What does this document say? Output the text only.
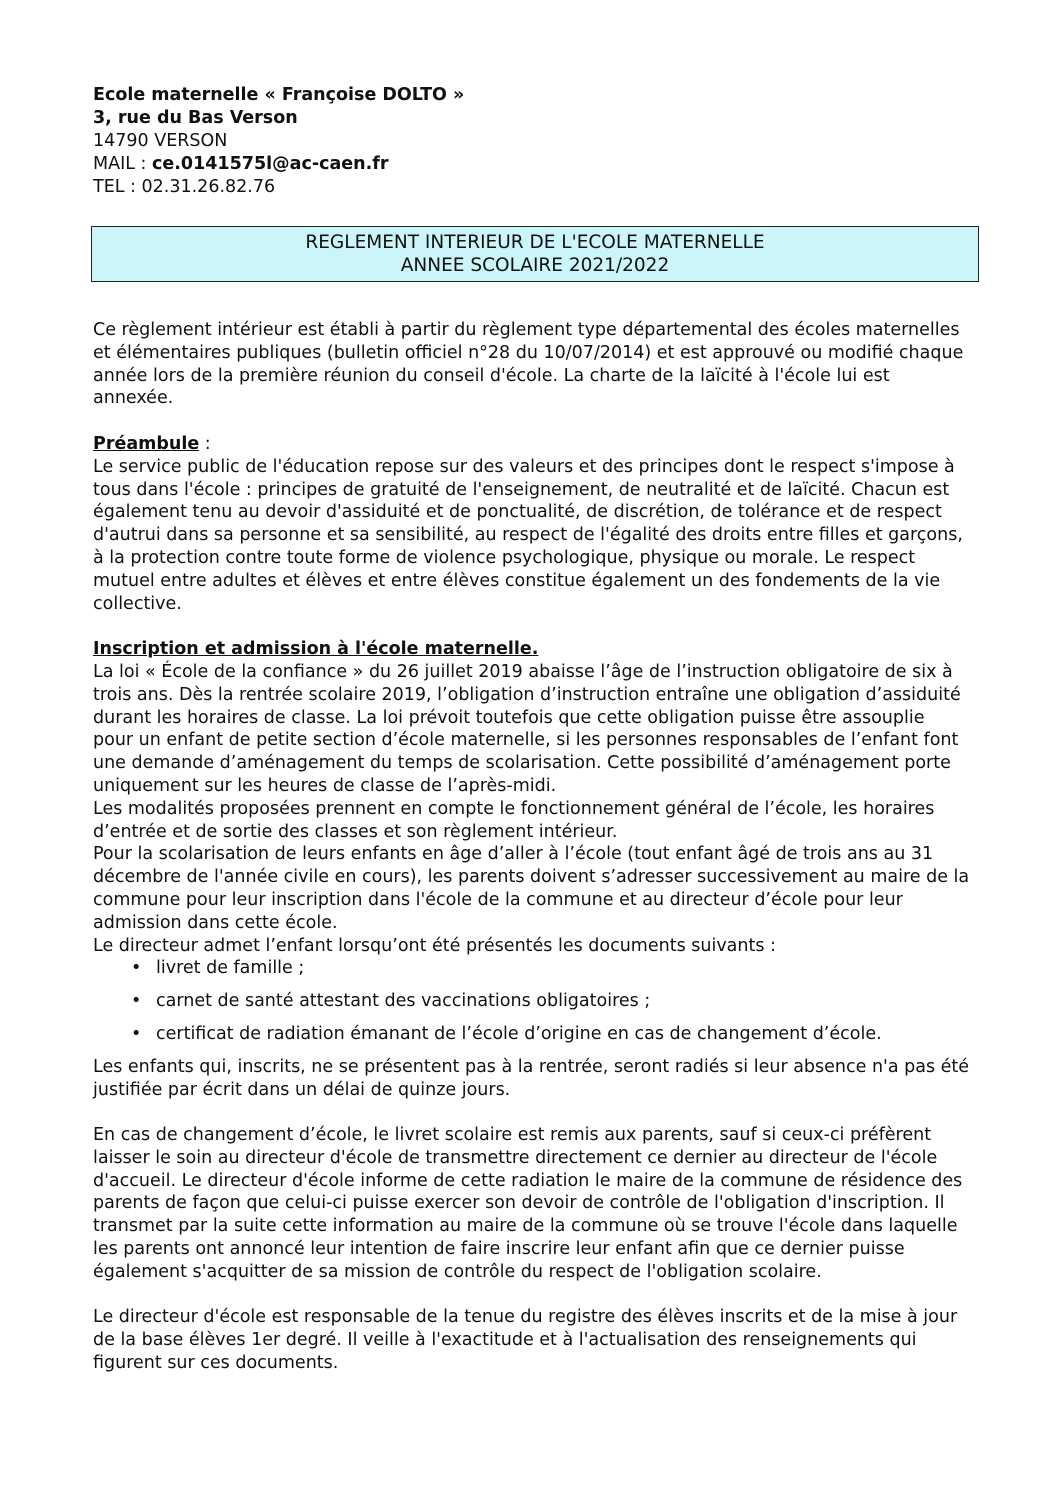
Ecole maternelle « Françoise DOLTO »
3, rue du Bas Verson
14790 VERSON
MAIL : ce.0141575l@ac-caen.fr
TEL : 02.31.26.82.76
REGLEMENT INTERIEUR DE L'ECOLE MATERNELLE
ANNEE SCOLAIRE 2021/2022
Ce règlement intérieur est établi à partir du règlement type départemental des écoles maternelles
et élémentaires publiques (bulletin officiel n°28 du 10/07/2014) et est approuvé ou modifié chaque
année lors de la première réunion du conseil d'école. La charte de la laïcité à l'école lui est
annexée.
Préambule :
Le service public de l'éducation repose sur des valeurs et des principes dont le respect s'impose à
tous dans l'école : principes de gratuité de l'enseignement, de neutralité et de laïcité. Chacun est
également tenu au devoir d'assiduité et de ponctualité, de discrétion, de tolérance et de respect
d'autrui dans sa personne et sa sensibilité, au respect de l'égalité des droits entre filles et garçons,
à la protection contre toute forme de violence psychologique, physique ou morale. Le respect
mutuel entre adultes et élèves et entre élèves constitue également un des fondements de la vie
collective.
Inscription et admission à l'école maternelle.
La loi « École de la confiance » du 26 juillet 2019 abaisse l’âge de l’instruction obligatoire de six à
trois ans. Dès la rentrée scolaire 2019, l’obligation d’instruction entraîne une obligation d’assiduité
durant les horaires de classe. La loi prévoit toutefois que cette obligation puisse être assouplie
pour un enfant de petite section d’école maternelle, si les personnes responsables de l’enfant font
une demande d’aménagement du temps de scolarisation. Cette possibilité d’aménagement porte
uniquement sur les heures de classe de l’après-midi.
Les modalités proposées prennent en compte le fonctionnement général de l’école, les horaires
d’entrée et de sortie des classes et son règlement intérieur.
Pour la scolarisation de leurs enfants en âge d’aller à l’école (tout enfant âgé de trois ans au 31
décembre de l'année civile en cours), les parents doivent s’adresser successivement au maire de la
commune pour leur inscription dans l'école de la commune et au directeur d’école pour leur
admission dans cette école.
Le directeur admet l’enfant lorsqu’ont été présentés les documents suivants :
• livret de famille ;
• carnet de santé attestant des vaccinations obligatoires ;
• certificat de radiation émanant de l’école d’origine en cas de changement d’école.
Les enfants qui, inscrits, ne se présentent pas à la rentrée, seront radiés si leur absence n'a pas été
justifiée par écrit dans un délai de quinze jours.
En cas de changement d’école, le livret scolaire est remis aux parents, sauf si ceux-ci préfèrent
laisser le soin au directeur d'école de transmettre directement ce dernier au directeur de l'école
d'accueil. Le directeur d'école informe de cette radiation le maire de la commune de résidence des
parents de façon que celui-ci puisse exercer son devoir de contrôle de l'obligation d'inscription. Il
transmet par la suite cette information au maire de la commune où se trouve l'école dans laquelle
les parents ont annoncé leur intention de faire inscrire leur enfant afin que ce dernier puisse
également s'acquitter de sa mission de contrôle du respect de l'obligation scolaire.
Le directeur d'école est responsable de la tenue du registre des élèves inscrits et de la mise à jour
de la base élèves 1er degré. Il veille à l'exactitude et à l'actualisation des renseignements qui
figurent sur ces documents.
